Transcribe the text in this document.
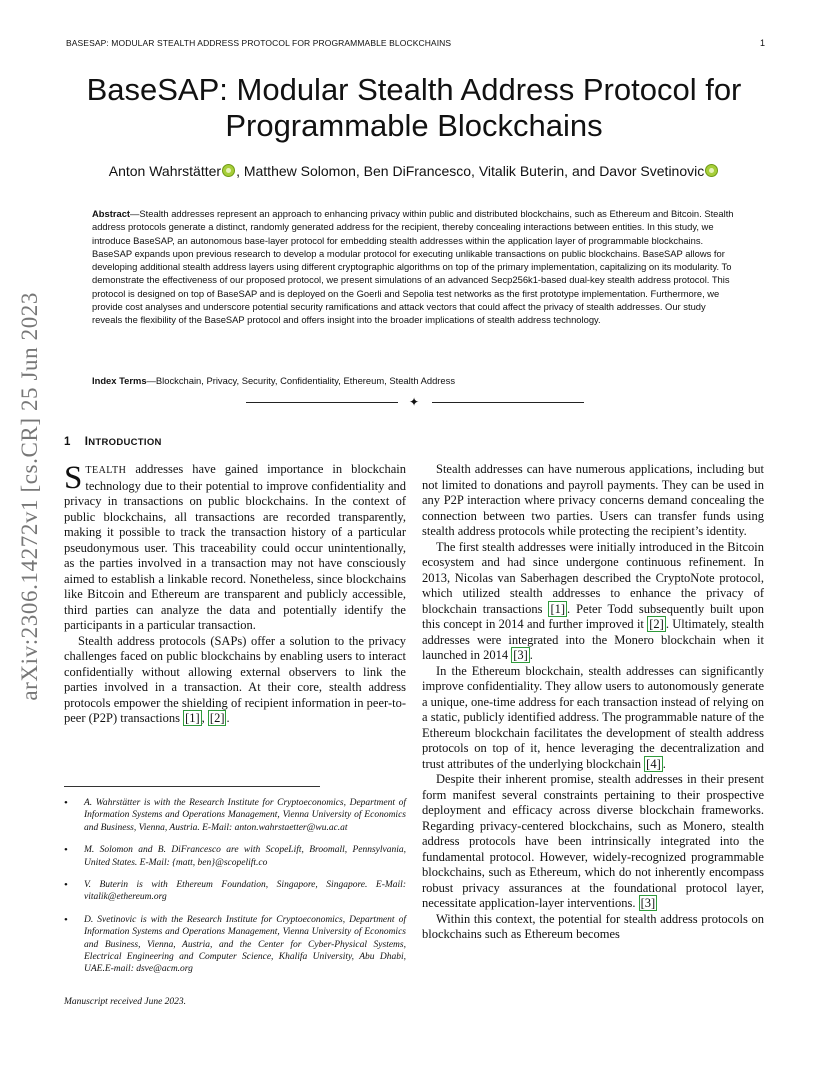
BASESAP: MODULAR STEALTH ADDRESS PROTOCOL FOR PROGRAMMABLE BLOCKCHAINS	1
arXiv:2306.14272v1 [cs.CR] 25 Jun 2023
BaseSAP: Modular Stealth Address Protocol for
Programmable Blockchains
Anton Wahrstätter , Matthew Solomon, Ben DiFrancesco, Vitalik Buterin, and Davor Svetinovic
Abstract—Stealth addresses represent an approach to enhancing privacy within public and distributed blockchains, such as Ethereum and Bitcoin. Stealth address protocols generate a distinct, randomly generated address for the recipient, thereby concealing interactions between entities. In this study, we introduce BaseSAP, an autonomous base-layer protocol for embedding stealth addresses within the application layer of programmable blockchains. BaseSAP expands upon previous research to develop a modular protocol for executing unlikable transactions on public blockchains. BaseSAP allows for developing additional stealth address layers using different cryptographic algorithms on top of the primary implementation, capitalizing on its modularity. To demonstrate the effectiveness of our proposed protocol, we present simulations of an advanced Secp256k1-based dual-key stealth address protocol. This protocol is designed on top of BaseSAP and is deployed on the Goerli and Sepolia test networks as the first prototype implementation. Furthermore, we provide cost analyses and underscore potential security ramifications and attack vectors that could affect the privacy of stealth addresses. Our study reveals the flexibility of the BaseSAP protocol and offers insight into the broader implications of stealth address technology.
Index Terms—Blockchain, Privacy, Security, Confidentiality, Ethereum, Stealth Address
✦
1 INTRODUCTION

STEALTH addresses have gained importance in blockchain technology due to their potential to improve confidentiality and privacy in transactions on public blockchains. In the context of public blockchains, all transactions are recorded transparently, making it possible to track the transaction history of a particular pseudonymous user. This traceability could occur unintentionally, as the parties involved in a transaction may not have consciously aimed to establish a linkable record. Nonetheless, since blockchains like Bitcoin and Ethereum are transparent and publicly accessible, third parties can analyze the data and potentially identify the participants in a particular transaction.

Stealth address protocols (SAPs) offer a solution to the privacy challenges faced on public blockchains by enabling users to interact confidentially without allowing external observers to link the parties involved in a transaction. At their core, stealth address protocols empower the shielding of recipient information in peer-to-peer (P2P) transactions [1] , [2] .

• A. Wahrstätter is with the Research Institute for Cryptoeconomics, Department of Information Systems and Operations Management, Vienna University of Economics and Business, Vienna, Austria. E-Mail: anton.wahrstaetter@wu.ac.at
• M. Solomon and B. DiFrancesco are with ScopeLift, Broomall, Pennsylvania, United States. E-Mail: {matt, ben}@scopelift.co
• V. Buterin is with Ethereum Foundation, Singapore, Singapore. E-Mail: vitalik@ethereum.org
• D. Svetinovic is with the Research Institute for Cryptoeconomics, Department of Information Systems and Operations Management, Vienna University of Economics and Business, Vienna, Austria, and the Center for Cyber-Physical Systems, Electrical Engineering and Computer Science, Khalifa University, Abu Dhabi, UAE.E-mail: dsve@acm.org
Manuscript received June 2023.

Stealth addresses can have numerous applications, including but not limited to donations and payroll payments. They can be used in any P2P interaction where privacy concerns demand concealing the connection between two parties. Users can transfer funds using stealth address protocols while protecting the recipient’s identity.

The first stealth addresses were initially introduced in the Bitcoin ecosystem and had since undergone continuous refinement. In 2013, Nicolas van Saberhagen described the CryptoNote protocol, which utilized stealth addresses to enhance the privacy of blockchain transactions [1] . Peter Todd subsequently built upon this concept in 2014 and further improved it [2] . Ultimately, stealth addresses were integrated into the Monero blockchain when it launched in 2014 [3] .

In the Ethereum blockchain, stealth addresses can significantly improve confidentiality. They allow users to autonomously generate a unique, one-time address for each transaction instead of relying on a static, publicly identified address. The programmable nature of the Ethereum blockchain facilitates the development of stealth address protocols on top of it, hence leveraging the decentralization and trust attributes of the underlying blockchain [4] .

Despite their inherent promise, stealth addresses in their present form manifest several constraints pertaining to their prospective deployment and efficacy across diverse blockchain frameworks. Regarding privacy-centered blockchains, such as Monero, stealth address protocols have been intrinsically integrated into the fundamental protocol. However, widely-recognized programmable blockchains, such as Ethereum, which do not inherently encompass robust privacy assurances at the foundational protocol layer, necessitate application-layer interventions. [3]

Within this context, the potential for stealth address protocols on blockchains such as Ethereum becomes
